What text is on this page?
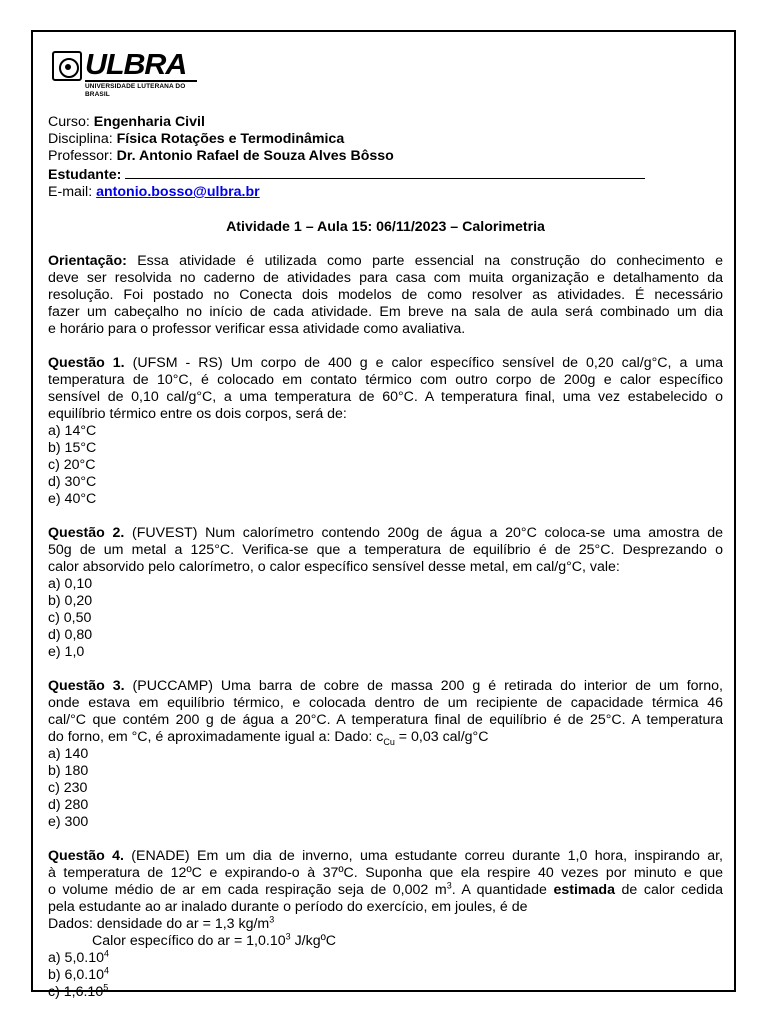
ULBRA
UNIVERSIDADE LUTERANA DO BRASIL
Curso: Engenharia Civil
Disciplina: Física Rotações e Termodinâmica
Professor: Dr. Antonio Rafael de Souza Alves Bôsso
Estudante:
E-mail: antonio.bosso@ulbra.br
Atividade 1 – Aula 15: 06/11/2023 – Calorimetria
Orientação: Essa atividade é utilizada como parte essencial na construção do conhecimento e
deve ser resolvida no caderno de atividades para casa com muita organização e detalhamento da
resolução. Foi postado no Conecta dois modelos de como resolver as atividades. É necessário
fazer um cabeçalho no início de cada atividade. Em breve na sala de aula será combinado um dia
e horário para o professor verificar essa atividade como avaliativa.
Questão 1. (UFSM - RS) Um corpo de 400 g e calor específico sensível de 0,20 cal/g°C, a uma
temperatura de 10°C, é colocado em contato térmico com outro corpo de 200g e calor específico
sensível de 0,10 cal/g°C, a uma temperatura de 60°C. A temperatura final, uma vez estabelecido o
equilíbrio térmico entre os dois corpos, será de:
a) 14°C
b) 15°C
c) 20°C
d) 30°C
e) 40°C
Questão 2. (FUVEST) Num calorímetro contendo 200g de água a 20°C coloca-se uma amostra de
50g de um metal a 125°C. Verifica-se que a temperatura de equilíbrio é de 25°C. Desprezando o
calor absorvido pelo calorímetro, o calor específico sensível desse metal, em cal/g°C, vale:
a) 0,10
b) 0,20
c) 0,50
d) 0,80
e) 1,0
Questão 3. (PUCCAMP) Uma barra de cobre de massa 200 g é retirada do interior de um forno,
onde estava em equilíbrio térmico, e colocada dentro de um recipiente de capacidade térmica 46
cal/°C que contém 200 g de água a 20°C. A temperatura final de equilíbrio é de 25°C. A temperatura
do forno, em °C, é aproximadamente igual a: Dado: $c_{Cu} = 0,03$ cal/g°C
a) 140
b) 180
c) 230
d) 280
e) 300
Questão 4. (ENADE) Em um dia de inverno, uma estudante correu durante 1,0 hora, inspirando ar,
à temperatura de 12ºC e expirando-o à 37ºC. Suponha que ela respire 40 vezes por minuto e que
o volume médio de ar em cada respiração seja de 0,002 $m^3$. A quantidade estimada de calor cedida
pela estudante ao ar inalado durante o período do exercício, em joules, é de
Dados: densidade do ar = 1,3 $kg/m^3$
Calor específico do ar = $1,0.10^3$ J/kgºC
a) 5,0.10$^4$
b) 6,0.10$^4$
c) 1,6.10$^5$
